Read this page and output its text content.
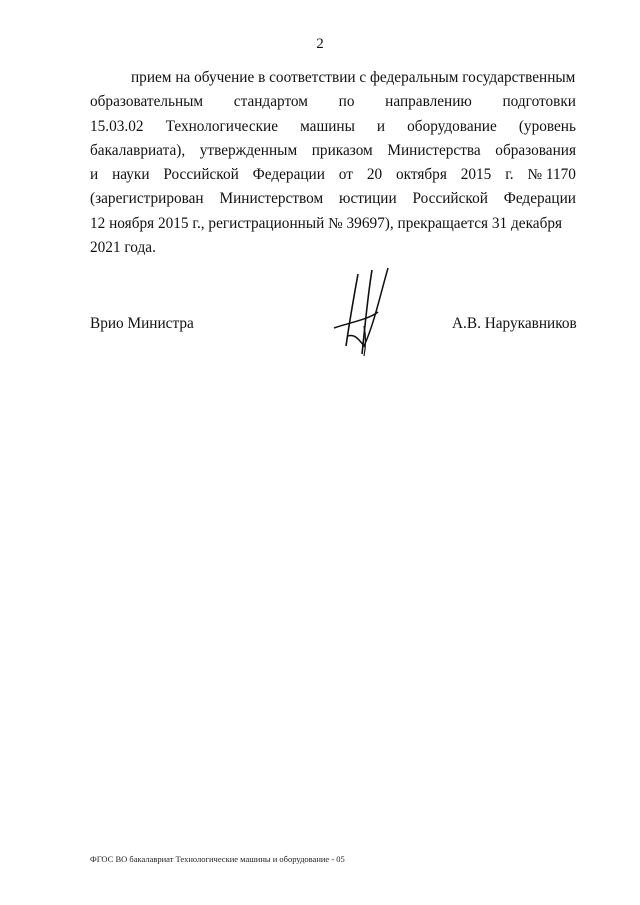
2
прием на обучение в соответствии с федеральным государственным
образовательным стандартом по направлению подготовки
15.03.02 Технологические машины и оборудование (уровень
бакалавриата), утвержденным приказом Министерства образования
и науки Российской Федерации от 20 октября 2015 г. № 1170
(зарегистрирован Министерством юстиции Российской Федерации
12 ноября 2015 г., регистрационный № 39697), прекращается 31 декабря
2021 года.
Врио Министра	А.В. Нарукавников
ФГОС ВО бакалавриат Технологические машины и оборудование - 05
